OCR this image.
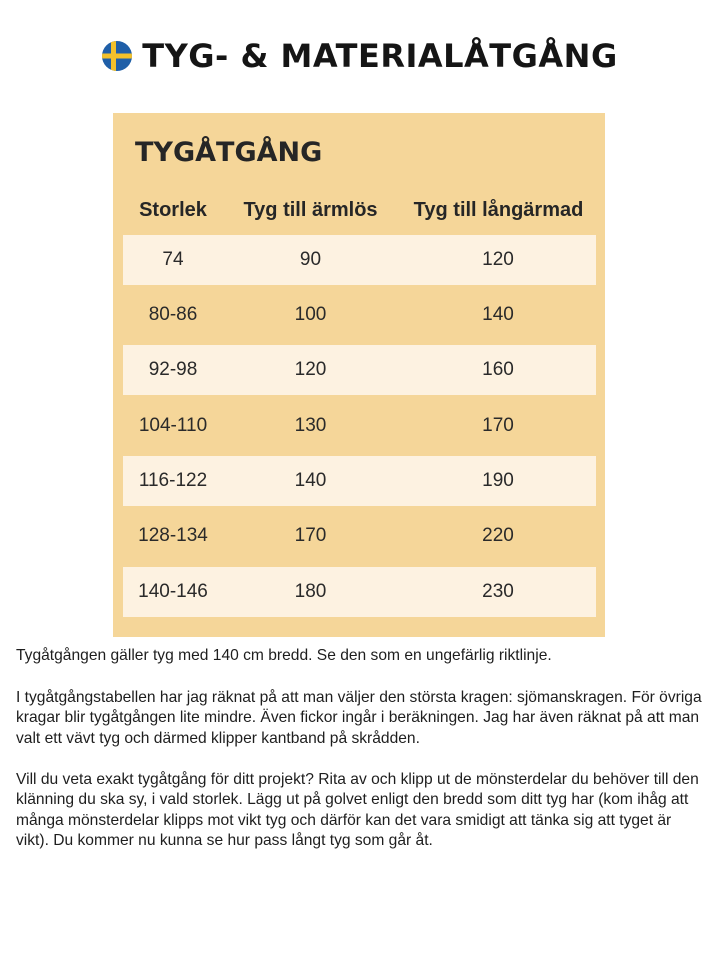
TYG- & MATERIALÅTGÅNG
TYGÅTGÅNG
Storlek	Tyg till ärmlös	Tyg till långärmad
74	90	120
80-86	100	140
92-98	120	160
104-110	130	170
116-122	140	190
128-134	170	220
140-146	180	230

Tygåtgången gäller tyg med 140 cm bredd. Se den som en ungefärlig riktlinje.

I tygåtgångstabellen har jag räknat på att man väljer den största kragen: sjömanskragen. För övriga kragar blir tygåtgången lite mindre. Även fickor ingår i beräkningen. Jag har även räknat på att man valt ett vävt tyg och därmed klipper kantband på skrådden.

Vill du veta exakt tygåtgång för ditt projekt? Rita av och klipp ut de mönsterdelar du behöver till den klänning du ska sy, i vald storlek. Lägg ut på golvet enligt den bredd som ditt tyg har (kom ihåg att många mönsterdelar klipps mot vikt tyg och därför kan det vara smidigt att tänka sig att tyget är vikt). Du kommer nu kunna se hur pass långt tyg som går åt.
